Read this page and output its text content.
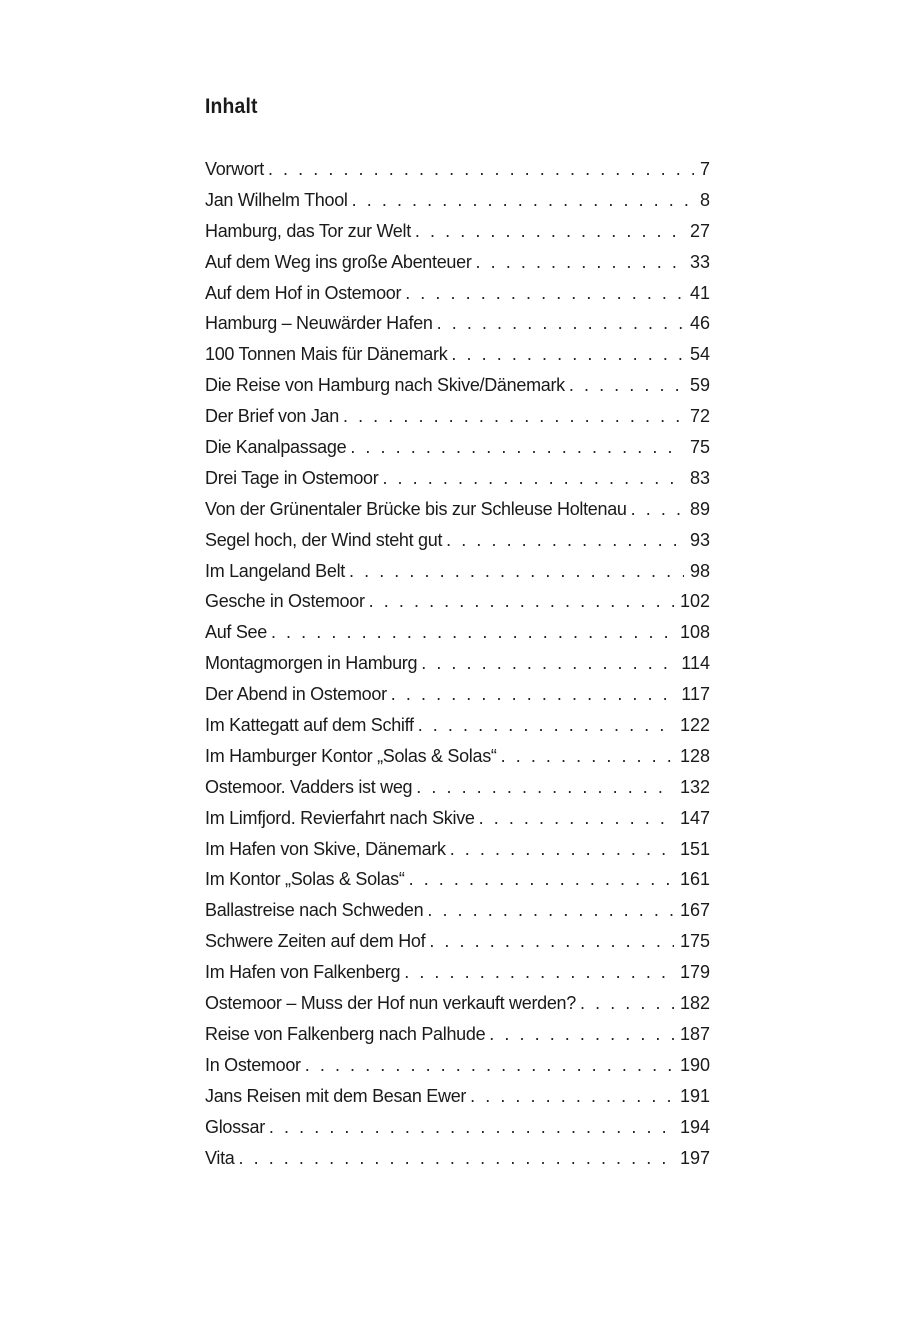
Inhalt
Vorwort . . .	7
Jan Wilhelm Thool . . .	8
Hamburg, das Tor zur Welt . . .	27
Auf dem Weg ins große Abenteuer . . .	33
Auf dem Hof in Ostemoor . . .	41
Hamburg – Neuwärder Hafen . . .	46
100 Tonnen Mais für Dänemark . . .	54
Die Reise von Hamburg nach Skive/Dänemark . . .	59
Der Brief von Jan . . .	72
Die Kanalpassage . . .	75
Drei Tage in Ostemoor . . .	83
Von der Grünentaler Brücke bis zur Schleuse Holtenau . . .	89
Segel hoch, der Wind steht gut . . .	93
Im Langeland Belt . . .	98
Gesche in Ostemoor . . .	102
Auf See . . .	108
Montagmorgen in Hamburg . . .	114
Der Abend in Ostemoor . . .	117
Im Kattegatt auf dem Schiff . . .	122
Im Hamburger Kontor „Solas & Solas“ . . .	128
Ostemoor. Vadders ist weg . . .	132
Im Limfjord. Revierfahrt nach Skive . . .	147
Im Hafen von Skive, Dänemark . . .	151
Im Kontor „Solas & Solas“ . . .	161
Ballastreise nach Schweden . . .	167
Schwere Zeiten auf dem Hof . . .	175
Im Hafen von Falkenberg . . .	179
Ostemoor – Muss der Hof nun verkauft werden? . . .	182
Reise von Falkenberg nach Palhude . . .	187
In Ostemoor . . .	190
Jans Reisen mit dem Besan Ewer . . .	191
Glossar . . .	194
Vita . . .	197
